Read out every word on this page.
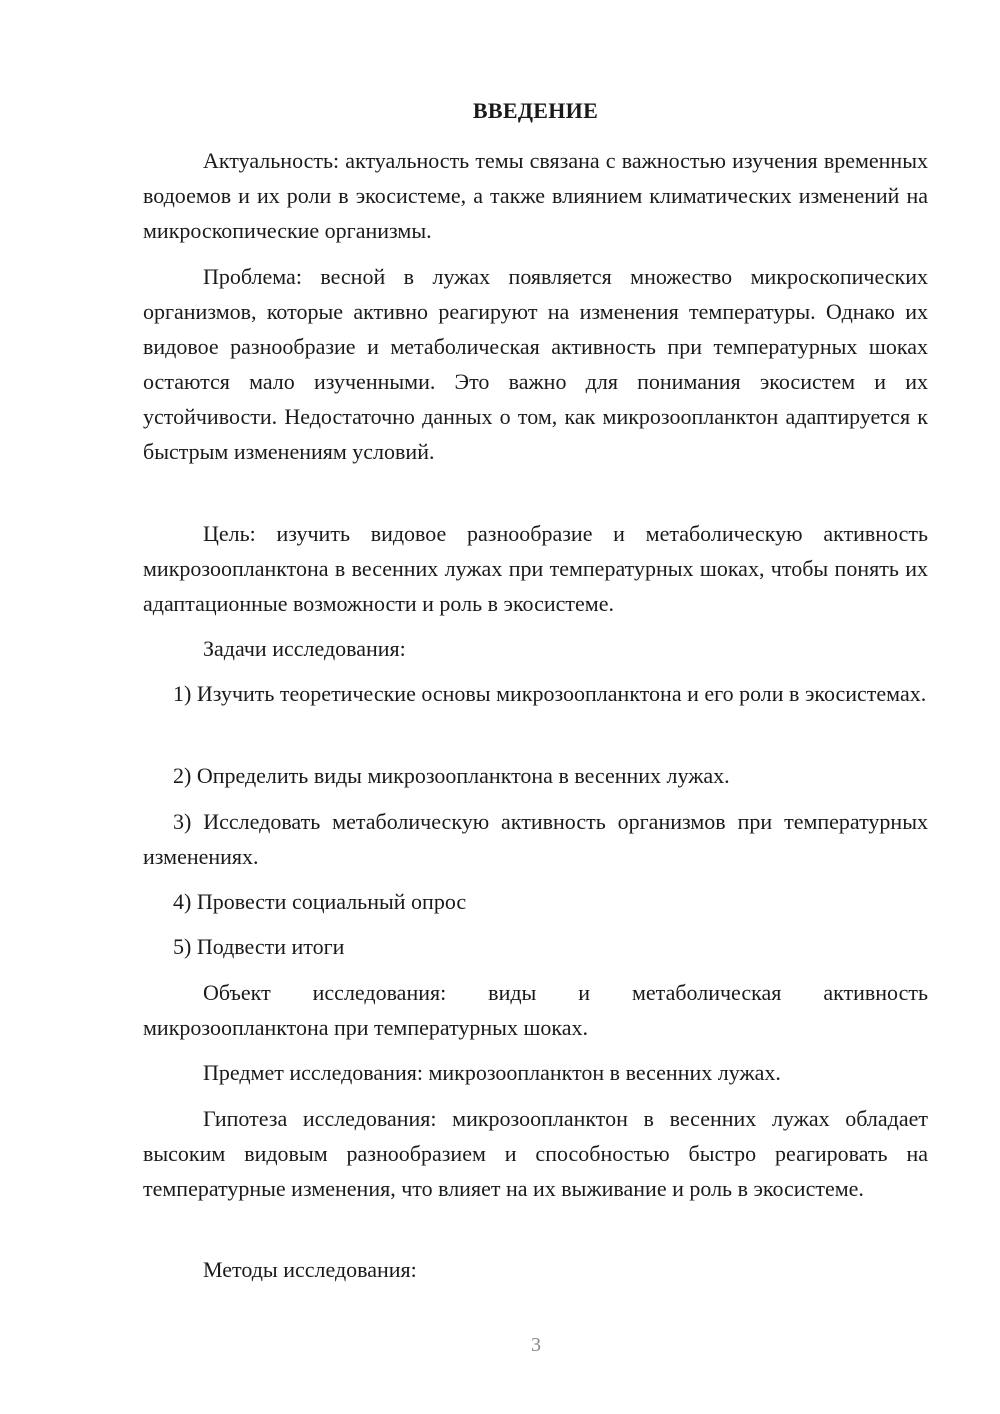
ВВЕДЕНИЕ

Актуальность: актуальность темы связана с важностью изучения временных водоемов и их роли в экосистеме, а также влиянием климатических изменений на микроскопические организмы.

Проблема: весной в лужах появляется множество микроскопических организмов, которые активно реагируют на изменения температуры. Однако их видовое разнообразие и метаболическая активность при температурных шоках остаются мало изученными. Это важно для понимания экосистем и их устойчивости. Недостаточно данных о том, как микрозоопланктон адаптируется к быстрым изменениям условий.

Цель: изучить видовое разнообразие и метаболическую активность микрозоопланктона в весенних лужах при температурных шоках, чтобы понять их адаптационные возможности и роль в экосистеме.

Задачи исследования:

1) Изучить теоретические основы микрозоопланктона и его роли в экосистемах.

2) Определить виды микрозоопланктона в весенних лужах.

3) Исследовать метаболическую активность организмов при температурных изменениях.

4) Провести социальный опрос

5) Подвести итоги

Объект исследования: виды и метаболическая активность микрозоопланктона при температурных шоках.

Предмет исследования: микрозоопланктон в весенних лужах.

Гипотеза исследования: микрозоопланктон в весенних лужах обладает высоким видовым разнообразием и способностью быстро реагировать на температурные изменения, что влияет на их выживание и роль в экосистеме.

Методы исследования:

3
